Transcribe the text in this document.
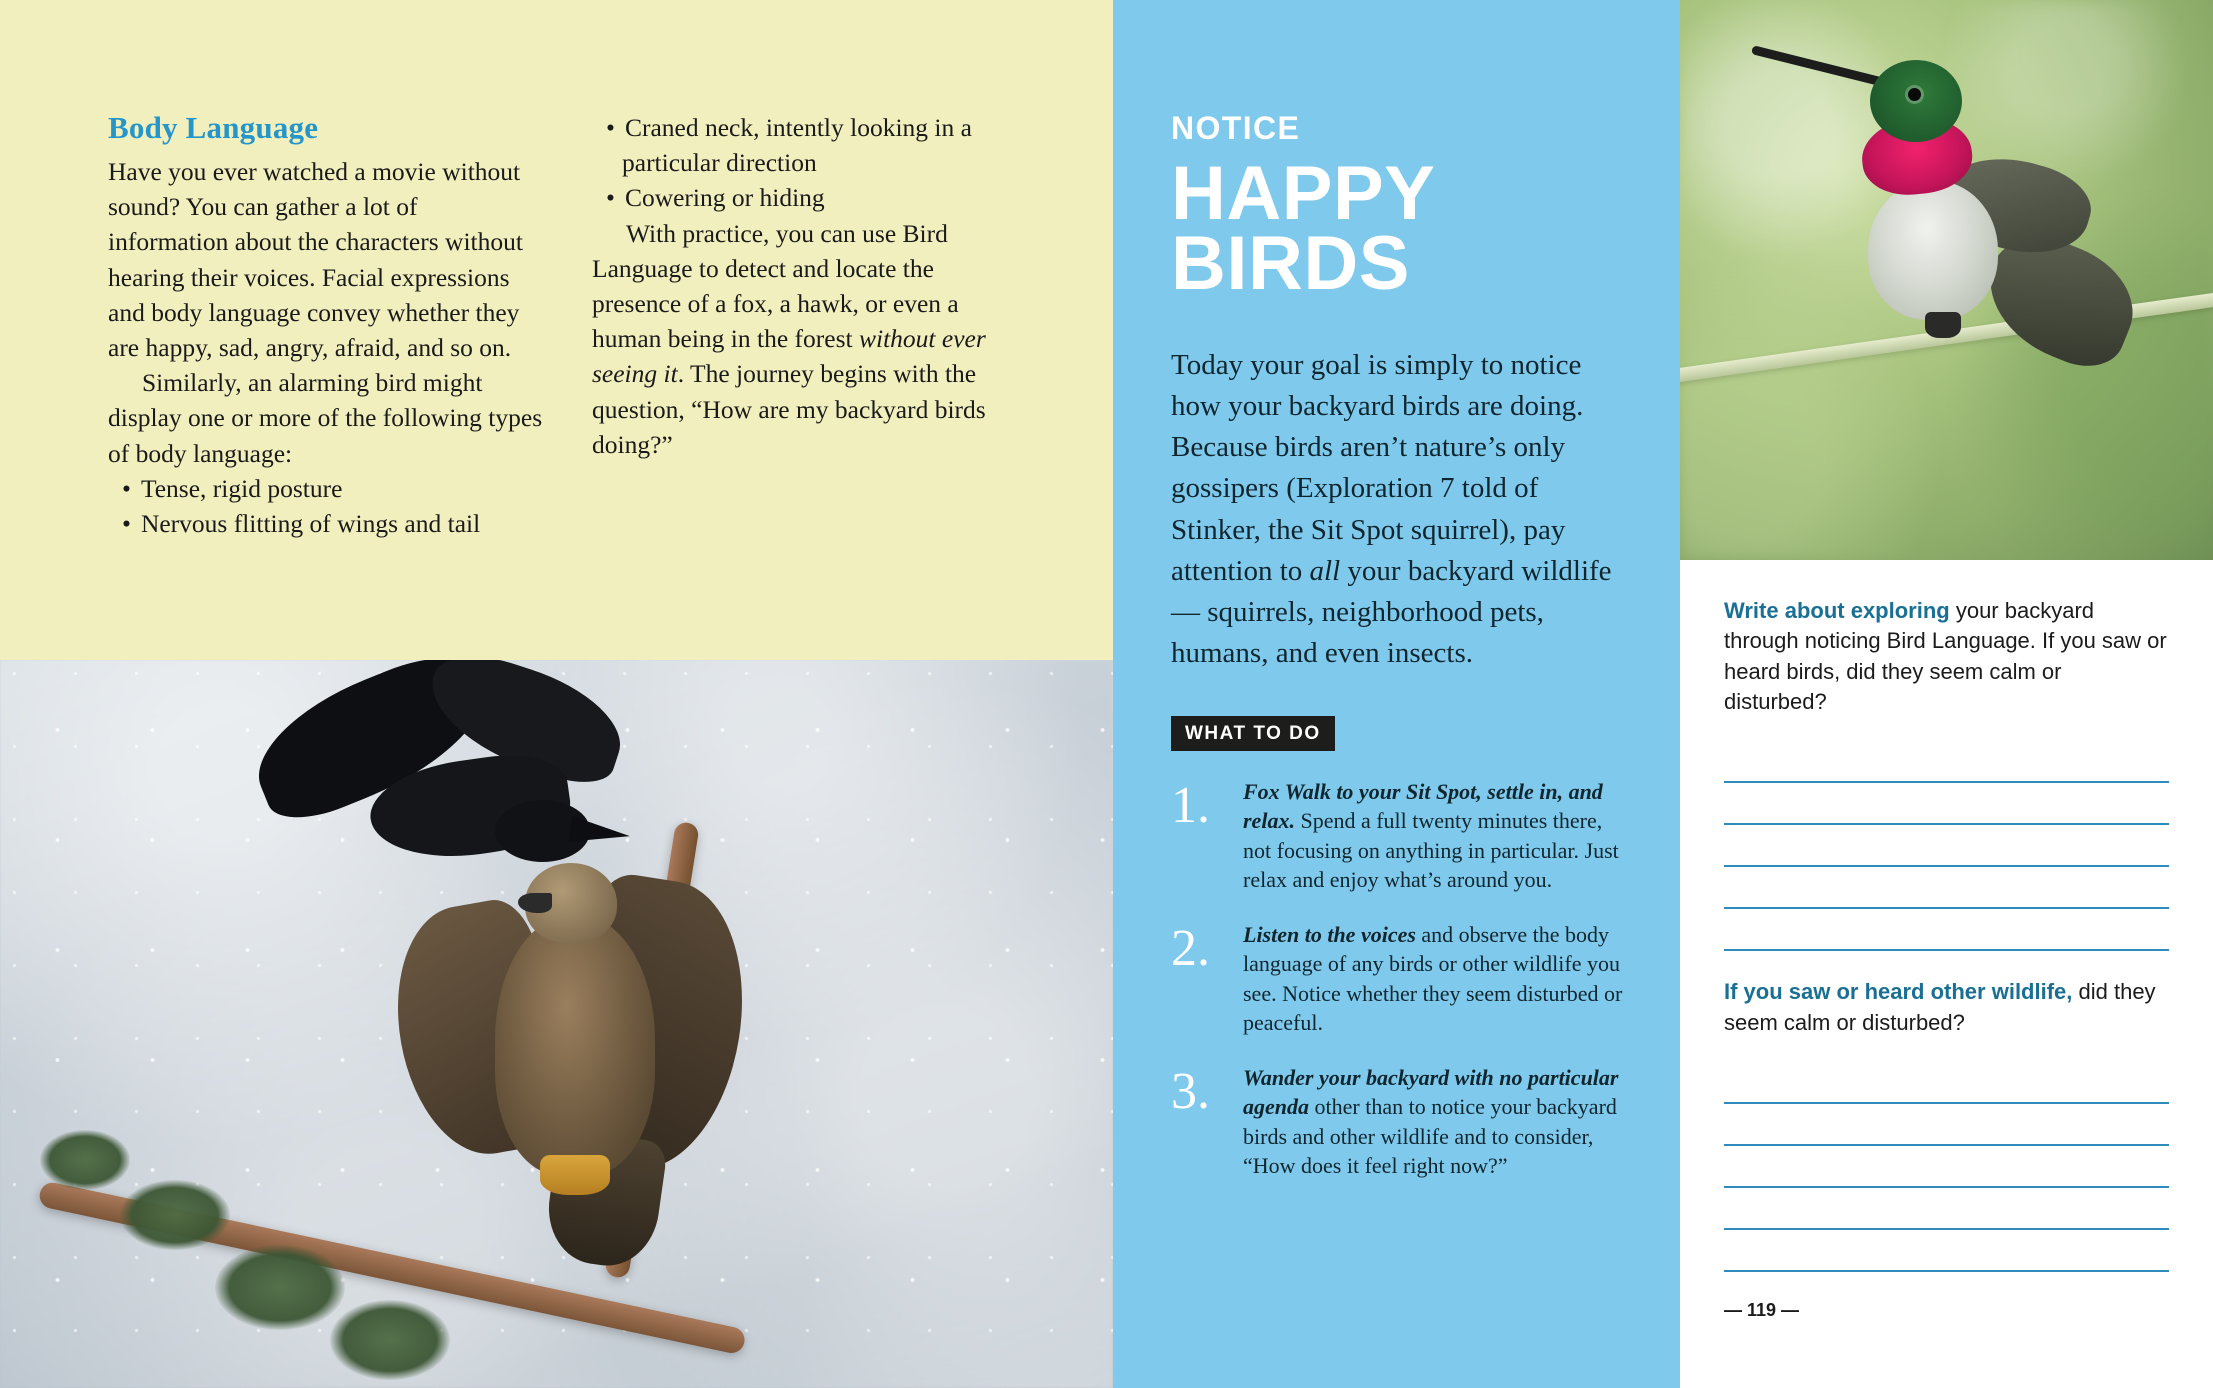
Body Language

Have you ever watched a movie without sound? You can gather a lot of information about the characters without hearing their voices. Facial expressions and body language convey whether they are happy, sad, angry, afraid, and so on.

Similarly, an alarming bird might display one or more of the following types of body language:

• Tense, rigid posture
• Nervous flitting of wings and tail
• Craned neck, intently looking in a particular direction
• Cowering or hiding

With practice, you can use Bird Language to detect and locate the presence of a fox, a hawk, or even a human being in the forest without ever seeing it. The journey begins with the question, “How are my backyard birds doing?”

NOTICE
HAPPY BIRDS
Today your goal is simply to notice how your backyard birds are doing. Because birds aren’t nature’s only gossipers (Exploration 7 told of Stinker, the Sit Spot squirrel), pay attention to all your backyard wildlife — squirrels, neighborhood pets, humans, and even insects.
WHAT TO DO
1. Fox Walk to your Sit Spot, settle in, and relax. Spend a full twenty minutes there, not focusing on anything in particular. Just relax and enjoy what’s around you.
2. Listen to the voices and observe the body language of any birds or other wildlife you see. Notice whether they seem disturbed or peaceful.
3. Wander your backyard with no particular agenda other than to notice your backyard birds and other wildlife and to consider, “How does it feel right now?”
Write about exploring your backyard through noticing Bird Language. If you saw or heard birds, did they seem calm or disturbed?
If you saw or heard other wildlife, did they seem calm or disturbed?
— 119 —
